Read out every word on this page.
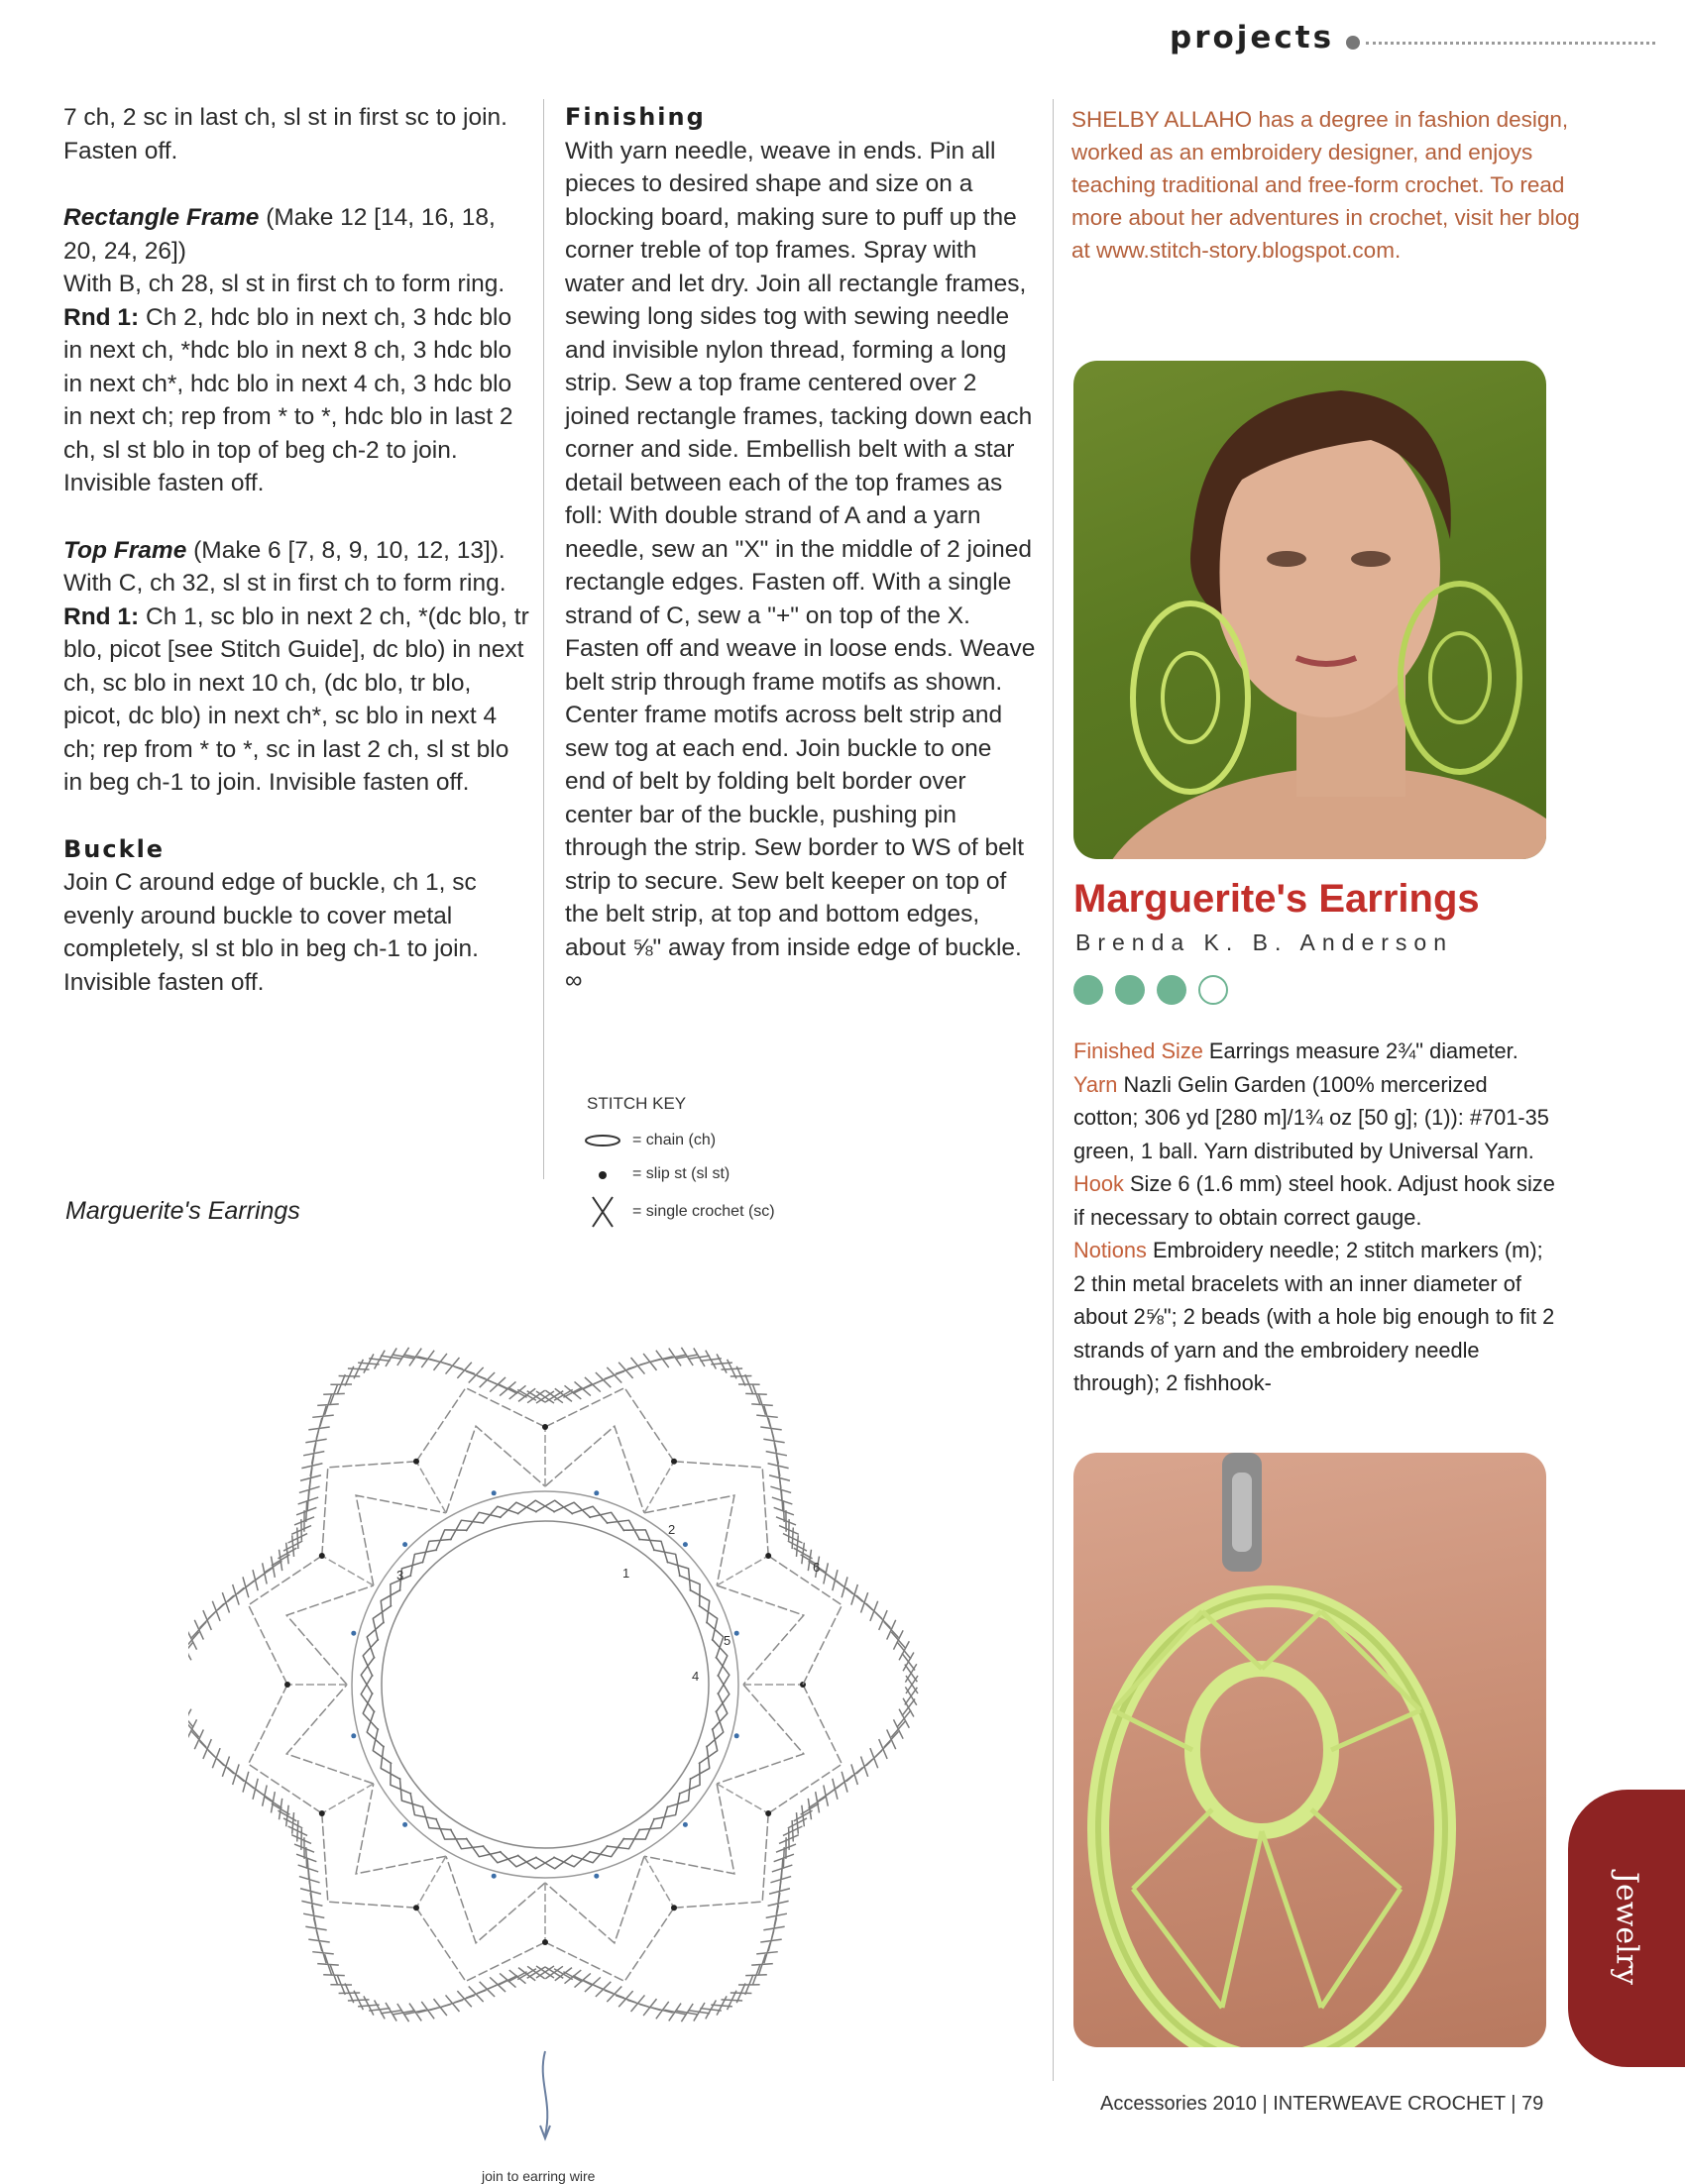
projects

7 ch, 2 sc in last ch, sl st in first sc to join. Fasten off.

Rectangle Frame (Make 12 [14, 16, 18, 20, 24, 26])

With B, ch 28, sl st in first ch to form ring.

Rnd 1: Ch 2, hdc blo in next ch, 3 hdc blo in next ch, *hdc blo in next 8 ch, 3 hdc blo in next ch*, hdc blo in next 4 ch, 3 hdc blo in next ch; rep from * to *, hdc blo in last 2 ch, sl st blo in top of beg ch-2 to join. Invisible fasten off.

Top Frame (Make 6 [7, 8, 9, 10, 12, 13]).

With C, ch 32, sl st in first ch to form ring.

Rnd 1: Ch 1, sc blo in next 2 ch, *(dc blo, tr blo, picot [see Stitch Guide], dc blo) in next ch, sc blo in next 10 ch, (dc blo, tr blo, picot, dc blo) in next ch*, sc blo in next 4 ch; rep from * to *, sc in last 2 ch, sl st blo in beg ch-1 to join. Invisible fasten off.

Buckle

Join C around edge of buckle, ch 1, sc evenly around buckle to cover metal completely, sl st blo in beg ch-1 to join. Invisible fasten off.

Finishing

With yarn needle, weave in ends. Pin all pieces to desired shape and size on a blocking board, making sure to puff up the corner treble of top frames. Spray with water and let dry. Join all rectangle frames, sewing long sides tog with sewing needle and invisible nylon thread, forming a long strip. Sew a top frame centered over 2 joined rectangle frames, tacking down each corner and side. Embellish belt with a star detail between each of the top frames as foll: With double strand of A and a yarn needle, sew an "X" in the middle of 2 joined rectangle edges. Fasten off. With a single strand of C, sew a "+" on top of the X. Fasten off and weave in loose ends. Weave belt strip through frame motifs as shown. Center frame motifs across belt strip and sew tog at each end. Join buckle to one end of belt by folding belt border over center bar of the buckle, pushing pin through the strip. Sew border to WS of belt strip to secure. Sew belt keeper on top of the belt strip, at top and bottom edges, about ⅝" away from inside edge of buckle. ∞

STITCH KEY
= chain (ch)
= slip st (sl st)
= single crochet (sc)
Marguerite's Earrings
2
1
3
5
4
6
join to earring wire
SHELBY ALLAHO has a degree in fashion design, worked as an embroidery designer, and enjoys teaching traditional and free-form crochet. To read more about her adventures in crochet, visit her blog at www.stitch-story.blogspot.com.
Marguerite's Earrings
Brenda K. B. Anderson

Finished Size Earrings measure 2¾" diameter.

Yarn Nazli Gelin Garden (100% mercerized cotton; 306 yd [280 m]/1¾ oz [50 g]; (1)): #701-35 green, 1 ball. Yarn distributed by Universal Yarn.

Hook Size 6 (1.6 mm) steel hook. Adjust hook size if necessary to obtain correct gauge.

Notions Embroidery needle; 2 stitch markers (m); 2 thin metal bracelets with an inner diameter of about 2⅝"; 2 beads (with a hole big enough to fit 2 strands of yarn and the embroidery needle through); 2 fishhook-

Jewelry
Accessories 2010 | INTERWEAVE CROCHET | 79
